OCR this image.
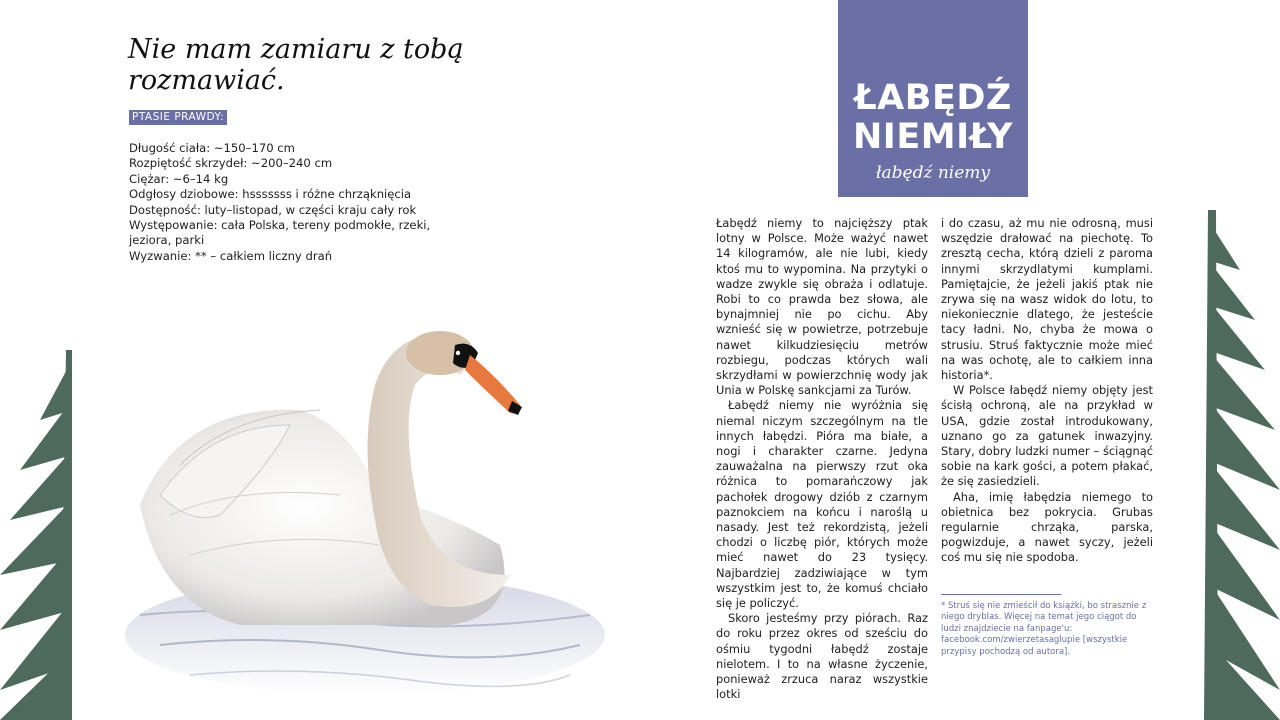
Nie mam zamiaru z tobą rozmawiać.
PTASIE PRAWDY:
Długość ciała: ~150–170 cm
Rozpiętość skrzydeł: ~200–240 cm
Ciężar: ~6–14 kg
Odgłosy dziobowe: hsssssss i różne chrząknięcia
Dostępność: luty–listopad, w części kraju cały rok
Występowanie: cała Polska, tereny podmokłe, rzeki, jeziora, parki
Wyzwanie: ** – całkiem liczny drań
ŁABĘDŹ NIEMIŁY
łabędź niemy

Łabędź niemy to najcięższy ptak lotny w Polsce. Może ważyć nawet 14 kilogramów, ale nie lubi, kiedy ktoś mu to wypomina. Na przytyki o wadze zwykle się obraża i odlatuje. Robi to co prawda bez słowa, ale bynajmniej nie po cichu. Aby wznieść się w powietrze, potrzebuje nawet kilkudziesięciu metrów rozbiegu, podczas których wali skrzydłami w powierzchnię wody jak Unia w Polskę sankcjami za Turów.

Łabędź niemy nie wyróżnia się niemal niczym szczególnym na tle innych łabędzi. Pióra ma białe, a nogi i charakter czarne. Jedyna zauważalna na pierwszy rzut oka różnica to pomarańczowy jak pachołek drogowy dziób z czarnym paznokciem na końcu i naroślą u nasady. Jest też rekordzistą, jeżeli chodzi o liczbę piór, których może mieć nawet do 23 tysięcy. Najbardziej zadziwiające w tym wszystkim jest to, że komuś chciało się je policzyć.

Skoro jesteśmy przy piórach. Raz do roku przez okres od sześciu do ośmiu tygodni łabędź zostaje nielotem. I to na własne życzenie, ponieważ zrzuca naraz wszystkie lotki

i do czasu, aż mu nie odrosną, musi wszędzie drałować na piechotę. To zresztą cecha, którą dzieli z paroma innymi skrzydlatymi kumplami. Pamiętajcie, że jeżeli jakiś ptak nie zrywa się na wasz widok do lotu, to niekoniecznie dlatego, że jesteście tacy ładni. No, chyba że mowa o strusiu. Struś faktycznie może mieć na was ochotę, ale to całkiem inna historia*.

W Polsce łabędź niemy objęty jest ścisłą ochroną, ale na przykład w USA, gdzie został introdukowany, uznano go za gatunek inwazyjny. Stary, dobry ludzki numer – ściągnąć sobie na kark gości, a potem płakać, że się zasiedzieli.

Aha, imię łabędzia niemego to obietnica bez pokrycia. Grubas regularnie chrząka, parska, pogwizduje, a nawet syczy, jeżeli coś mu się nie spodoba.

* Struś się nie zmieścił do książki, bo strasznie z niego dryblas. Więcej na temat jego ciągot do ludzi znajdziecie na fanpage'u: facebook.com/zwierzetasaglupie [wszystkie przypisy pochodzą od autora].
